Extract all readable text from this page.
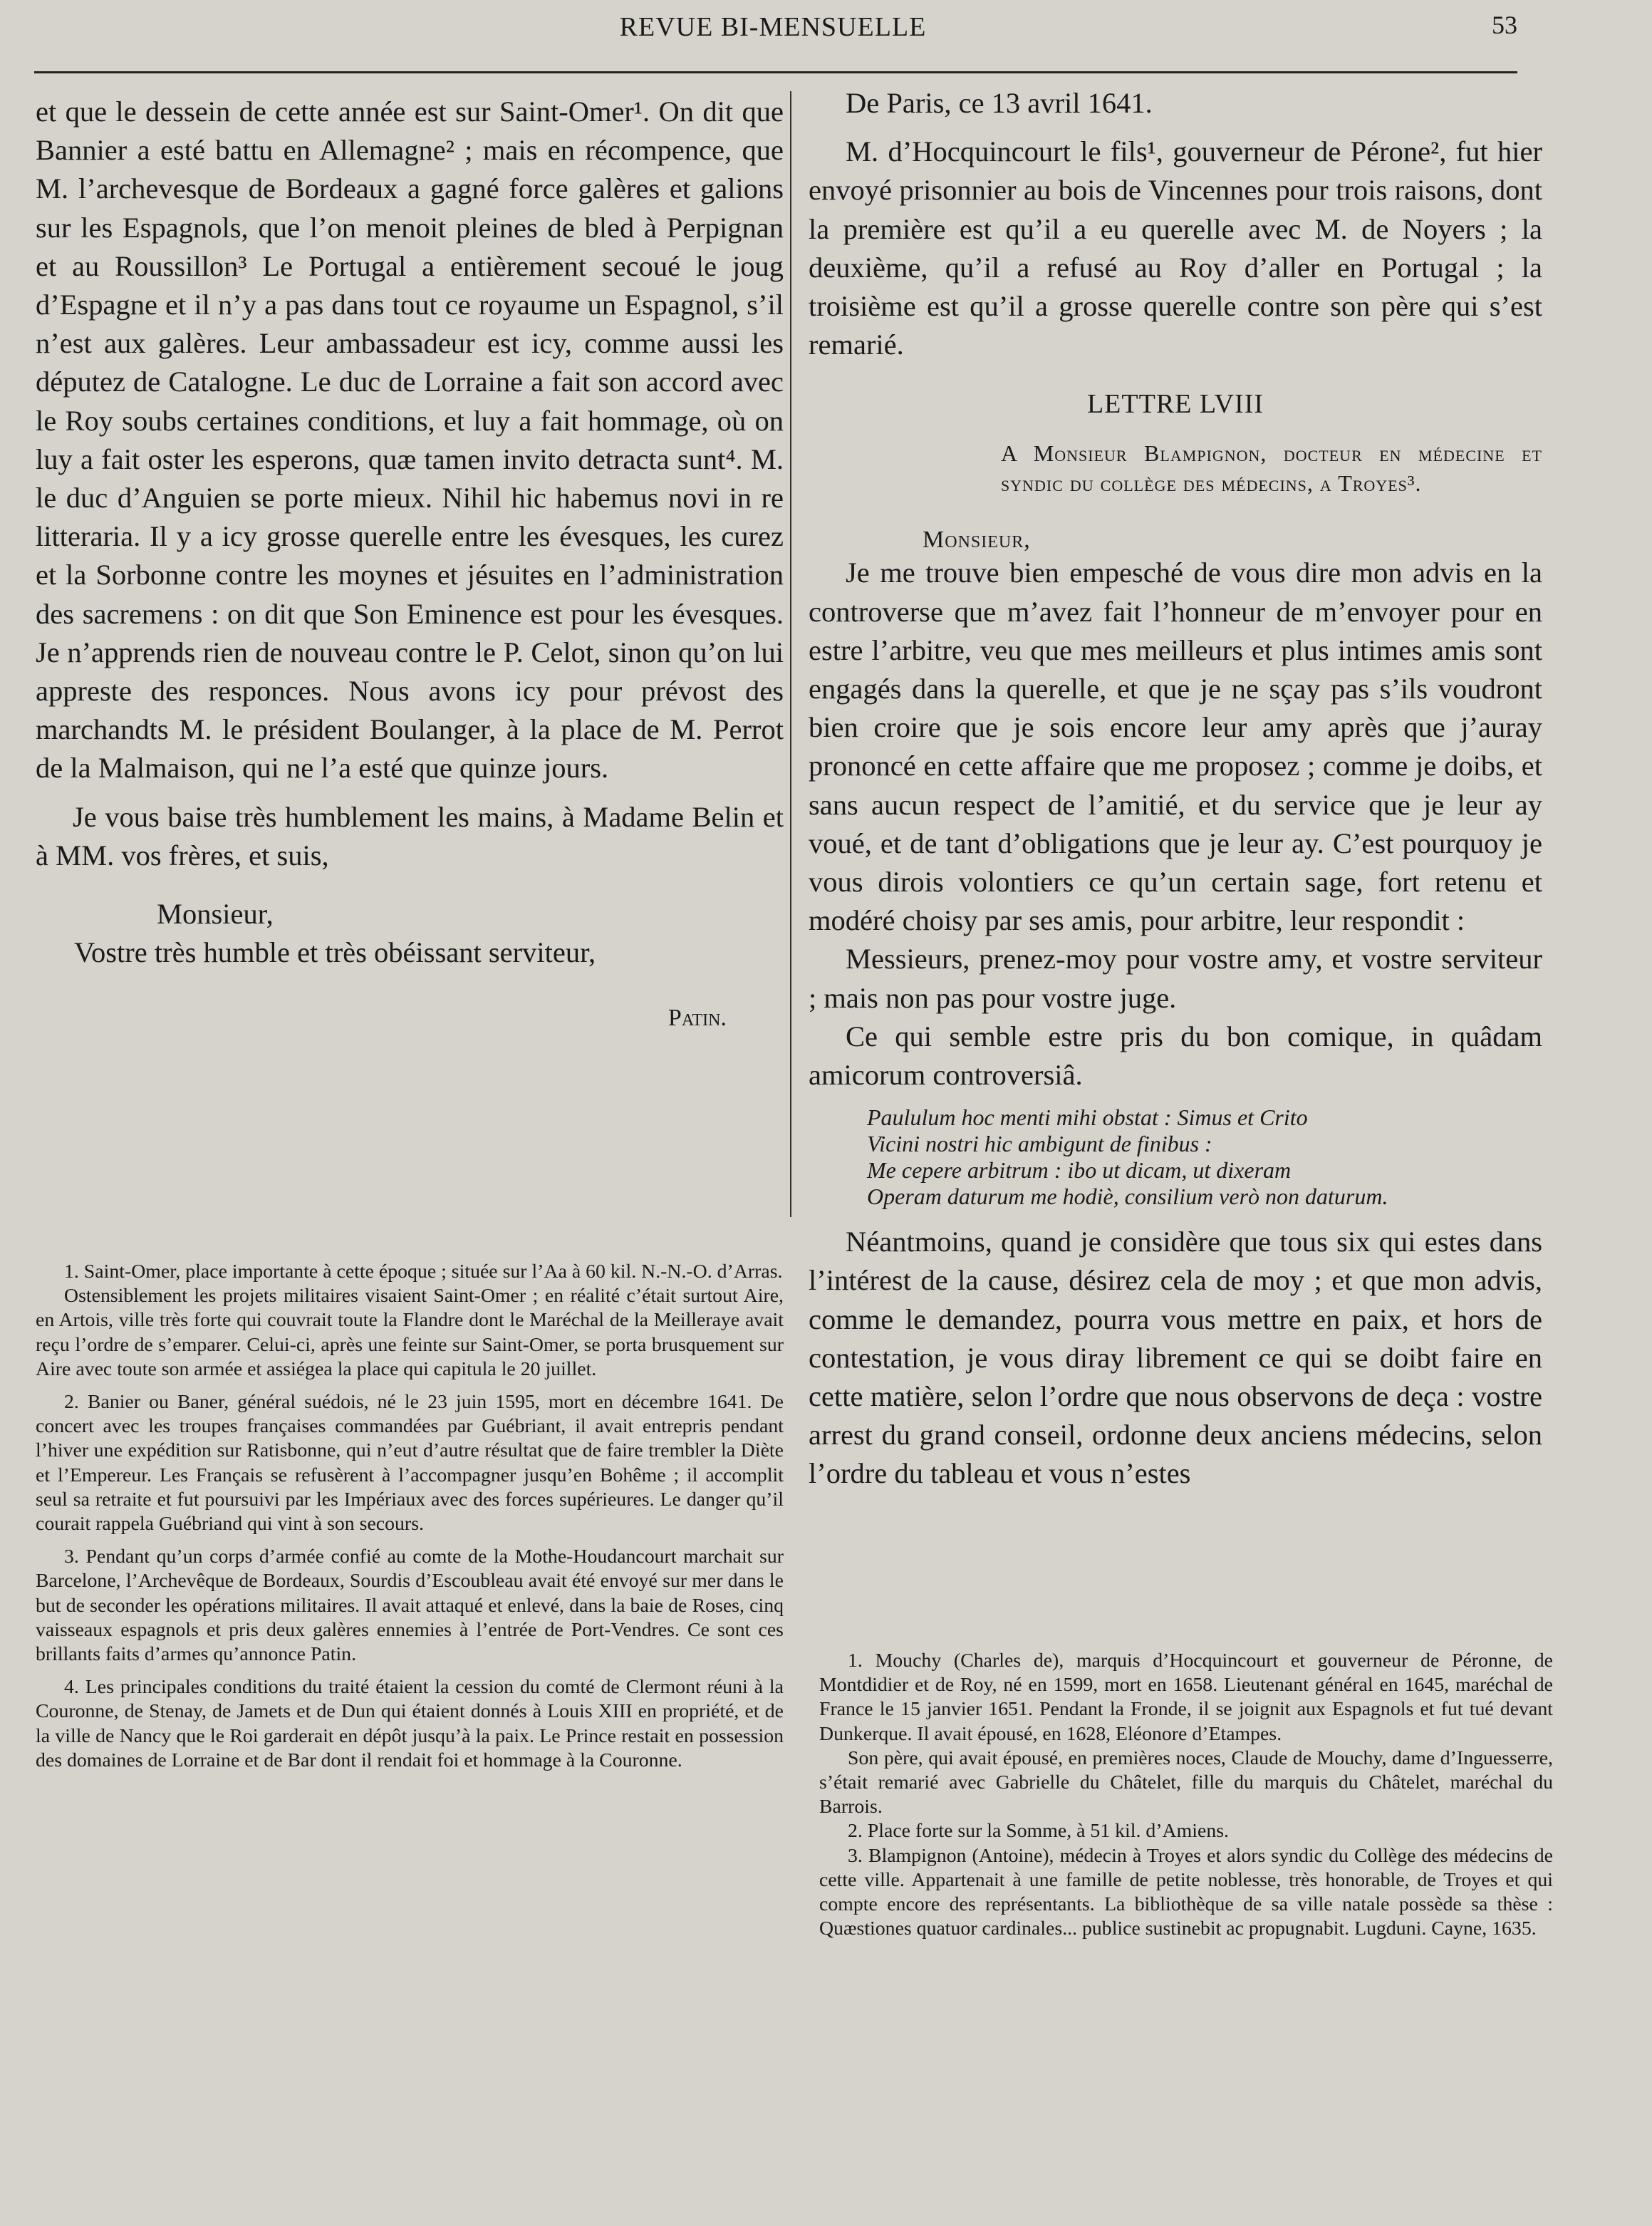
REVUE BI-MENSUELLE	53

et que le dessein de cette année est sur Saint-Omer¹. On dit que Bannier a esté battu en Allemagne² ; mais en récompence, que M. l’archevesque de Bordeaux a gagné force galères et galions sur les Espagnols, que l’on menoit pleines de bled à Perpignan et au Roussillon³ Le Portugal a entièrement secoué le joug d’Espagne et il n’y a pas dans tout ce royaume un Espagnol, s’il n’est aux galères. Leur ambassadeur est icy, comme aussi les députez de Catalogne. Le duc de Lorraine a fait son accord avec le Roy soubs certaines conditions, et luy a fait hommage, où on luy a fait oster les esperons, quæ tamen invito detracta sunt⁴. M. le duc d’Anguien se porte mieux. Nihil hic habemus novi in re litteraria. Il y a icy grosse querelle entre les évesques, les curez et la Sorbonne contre les moynes et jésuites en l’administration des sacremens : on dit que Son Eminence est pour les évesques. Je n’apprends rien de nouveau contre le P. Celot, sinon qu’on lui appreste des responces. Nous avons icy pour prévost des marchandts M. le président Boulanger, à la place de M. Perrot de la Malmaison, qui ne l’a esté que quinze jours.

Je vous baise très humblement les mains, à Madame Belin et à MM. vos frères, et suis,

Monsieur,

Vostre très humble et très obéissant serviteur,

Patin.

De Paris, ce 13 avril 1641.

M. d’Hocquincourt le fils¹, gouverneur de Pérone², fut hier envoyé prisonnier au bois de Vincennes pour trois raisons, dont la première est qu’il a eu querelle avec M. de Noyers ; la deuxième, qu’il a refusé au Roy d’aller en Portugal ; la troisième est qu’il a grosse querelle contre son père qui s’est remarié.

LETTRE LVIII
A Monsieur Blampignon, docteur en médecine et syndic du collège des médecins, a Troyes³.
Monsieur,

Je me trouve bien empesché de vous dire mon advis en la controverse que m’avez fait l’honneur de m’envoyer pour en estre l’arbitre, veu que mes meilleurs et plus intimes amis sont engagés dans la querelle, et que je ne sçay pas s’ils voudront bien croire que je sois encore leur amy après que j’auray prononcé en cette affaire que me proposez ; comme je doibs, et sans aucun respect de l’amitié, et du service que je leur ay voué, et de tant d’obligations que je leur ay. C’est pourquoy je vous dirois volontiers ce qu’un certain sage, fort retenu et modéré choisy par ses amis, pour arbitre, leur respondit :

Messieurs, prenez-moy pour vostre amy, et vostre serviteur ; mais non pas pour vostre juge.

Ce qui semble estre pris du bon comique, in quâdam amicorum controversiâ.

Paululum hoc menti mihi obstat : Simus et Crito
Vicini nostri hic ambigunt de finibus :
Me cepere arbitrum : ibo ut dicam, ut dixeram
Operam daturum me hodiè, consilium verò non daturum.

Néantmoins, quand je considère que tous six qui estes dans l’intérest de la cause, désirez cela de moy ; et que mon advis, comme le demandez, pourra vous mettre en paix, et hors de contestation, je vous diray librement ce qui se doibt faire en cette matière, selon l’ordre que nous observons de deça : vostre arrest du grand conseil, ordonne deux anciens médecins, selon l’ordre du tableau et vous n’estes

1. Saint-Omer, place importante à cette époque ; située sur l’Aa à 60 kil. N.-N.-O. d’Arras.

Ostensiblement les projets militaires visaient Saint-Omer ; en réalité c’était surtout Aire, en Artois, ville très forte qui couvrait toute la Flandre dont le Maréchal de la Meilleraye avait reçu l’ordre de s’emparer. Celui-ci, après une feinte sur Saint-Omer, se porta brusquement sur Aire avec toute son armée et assiégea la place qui capitula le 20 juillet.

2. Banier ou Baner, général suédois, né le 23 juin 1595, mort en décembre 1641. De concert avec les troupes françaises commandées par Guébriant, il avait entrepris pendant l’hiver une expédition sur Ratisbonne, qui n’eut d’autre résultat que de faire trembler la Diète et l’Empereur. Les Français se refusèrent à l’accompagner jusqu’en Bohême ; il accomplit seul sa retraite et fut poursuivi par les Impériaux avec des forces supérieures. Le danger qu’il courait rappela Guébriand qui vint à son secours.

3. Pendant qu’un corps d’armée confié au comte de la Mothe-Houdancourt marchait sur Barcelone, l’Archevêque de Bordeaux, Sourdis d’Escoubleau avait été envoyé sur mer dans le but de seconder les opérations militaires. Il avait attaqué et enlevé, dans la baie de Roses, cinq vaisseaux espagnols et pris deux galères ennemies à l’entrée de Port-Vendres. Ce sont ces brillants faits d’armes qu’annonce Patin.

4. Les principales conditions du traité étaient la cession du comté de Clermont réuni à la Couronne, de Stenay, de Jamets et de Dun qui étaient donnés à Louis XIII en propriété, et de la ville de Nancy que le Roi garderait en dépôt jusqu’à la paix. Le Prince restait en possession des domaines de Lorraine et de Bar dont il rendait foi et hommage à la Couronne.

1. Mouchy (Charles de), marquis d’Hocquincourt et gouverneur de Péronne, de Montdidier et de Roy, né en 1599, mort en 1658. Lieutenant général en 1645, maréchal de France le 15 janvier 1651. Pendant la Fronde, il se joignit aux Espagnols et fut tué devant Dunkerque. Il avait épousé, en 1628, Eléonore d’Etampes.

Son père, qui avait épousé, en premières noces, Claude de Mouchy, dame d’Inguesserre, s’était remarié avec Gabrielle du Châtelet, fille du marquis du Châtelet, maréchal du Barrois.

2. Place forte sur la Somme, à 51 kil. d’Amiens.

3. Blampignon (Antoine), médecin à Troyes et alors syndic du Collège des médecins de cette ville. Appartenait à une famille de petite noblesse, très honorable, de Troyes et qui compte encore des représentants. La bibliothèque de sa ville natale possède sa thèse : Quæstiones quatuor cardinales... publice sustinebit ac propugnabit. Lugduni. Cayne, 1635.
